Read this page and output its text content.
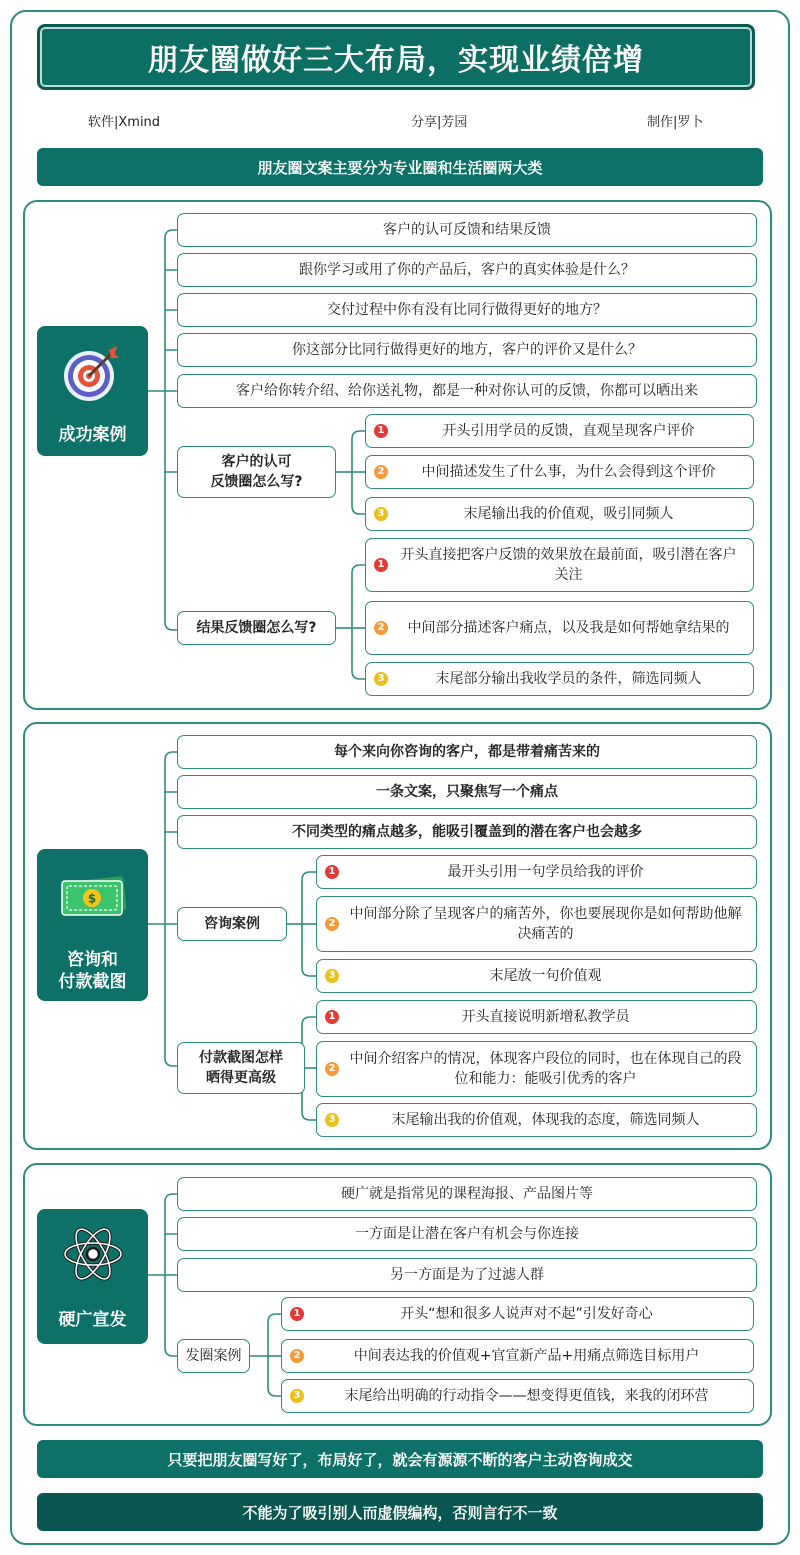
朋友圈做好三大布局，实现业绩倍增
软件|Xmind	分享|芳园	制作|罗卜
朋友圈文案主要分为专业圈和生活圈两大类
成功案例
客户的认可反馈和结果反馈
跟你学习或用了你的产品后，客户的真实体验是什么？
交付过程中你有没有比同行做得更好的地方？
你这部分比同行做得更好的地方，客户的评价又是什么？
客户给你转介绍、给你送礼物，都是一种对你认可的反馈，你都可以晒出来
客户的认可
反馈圈怎么写?
1	开头引用学员的反馈，直观呈现客户评价
2	中间描述发生了什么事，为什么会得到这个评价
3	末尾输出我的价值观，吸引同频人
结果反馈圈怎么写?
1
开头直接把客户反馈的效果放在最前面，吸引潜在客户关注
2 中间部分描述客户痛点，以及我是如何帮她拿结果的
3	末尾部分输出我收学员的条件，筛选同频人
$
咨询和
付款截图
每个来向你咨询的客户，都是带着痛苦来的
一条文案，只聚焦写一个痛点
不同类型的痛点越多，能吸引覆盖到的潜在客户也会越多
咨询案例
1	最开头引用一句学员给我的评价
2
中间部分除了呈现客户的痛苦外，你也要展现你是如何帮助他解决痛苦的
3	末尾放一句价值观
付款截图怎样
晒得更高级
1	开头直接说明新增私教学员
2
中间介绍客户的情况，体现客户段位的同时，也在体现自己的段位和能力：能吸引优秀的客户
3	末尾输出我的价值观，体现我的态度，筛选同频人
硬广宣发
硬广就是指常见的课程海报、产品图片等
一方面是让潜在客户有机会与你连接
另一方面是为了过滤人群
发圈案例
1	开头“想和很多人说声对不起”引发好奇心
2	中间表达我的价值观+官宣新产品+用痛点筛选目标用户
3	末尾给出明确的行动指令——想变得更值钱，来我的闭环营
只要把朋友圈写好了，布局好了，就会有源源不断的客户主动咨询成交
不能为了吸引别人而虚假编构，否则言行不一致
